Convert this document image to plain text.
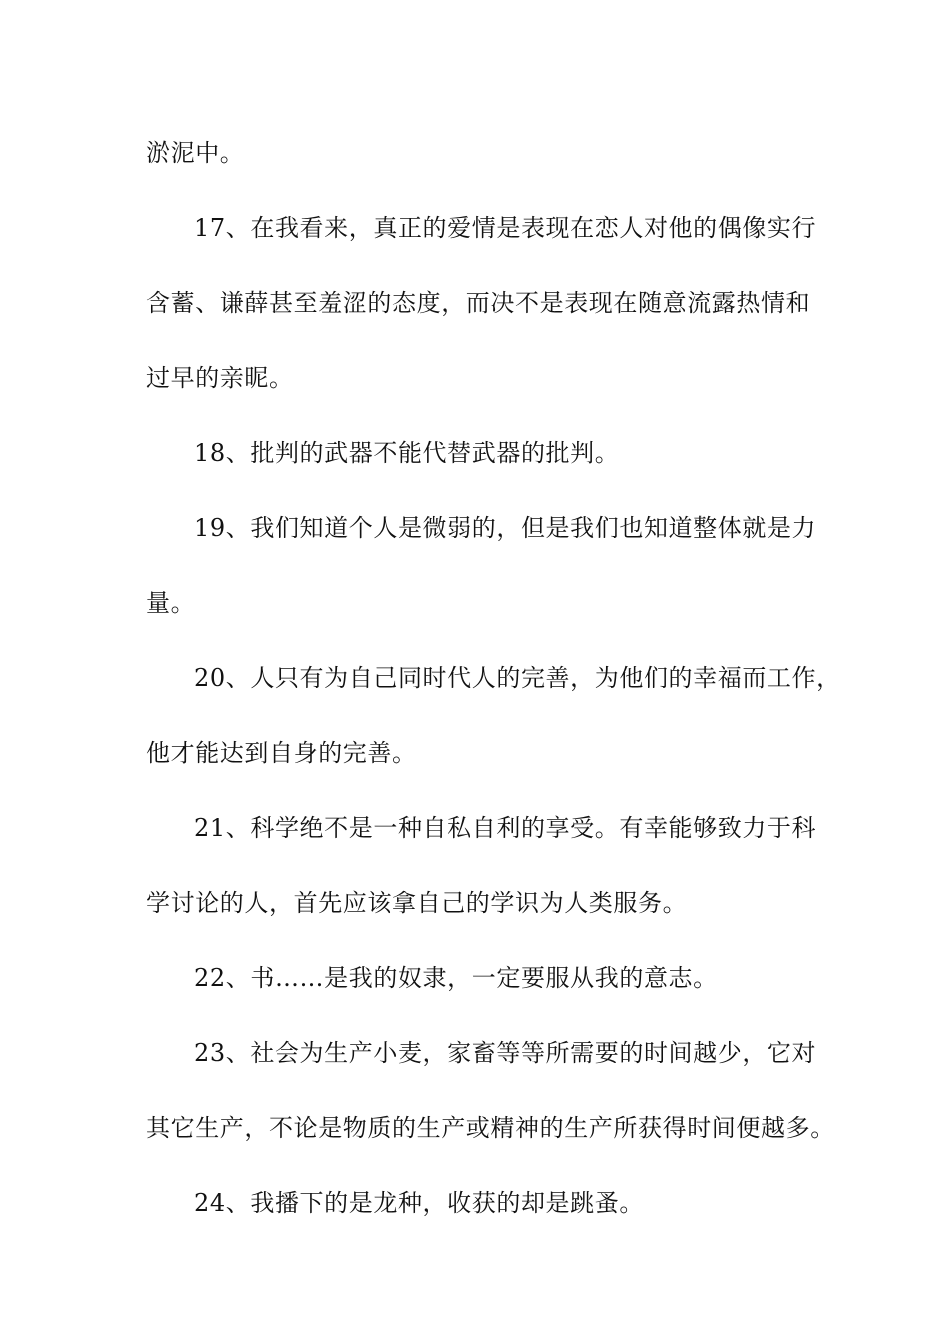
淤泥中。
17、在我看来，真正的爱情是表现在恋人对他的偶像实行
含蓄、谦薛甚至羞涩的态度，而决不是表现在随意流露热情和
过早的亲昵。
18、批判的武器不能代替武器的批判。
19、我们知道个人是微弱的，但是我们也知道整体就是力
量。
20、人只有为自己同时代人的完善，为他们的幸福而工作，
他才能达到自身的完善。
21、科学绝不是一种自私自利的享受。有幸能够致力于科
学讨论的人，首先应该拿自己的学识为人类服务。
22、书……是我的奴隶，一定要服从我的意志。
23、社会为生产小麦，家畜等等所需要的时间越少，它对
其它生产，不论是物质的生产或精神的生产所获得时间便越多。
24、我播下的是龙种，收获的却是跳蚤。
